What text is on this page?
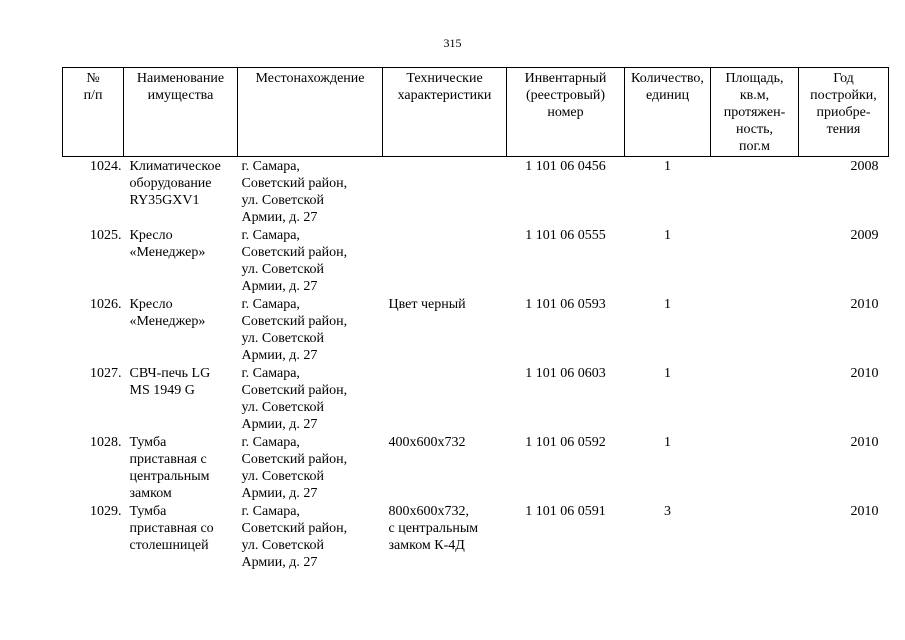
315
№
п/п	Наименование
имущества	Местонахождение	Технические
характеристики	Инвентарный
(реестровый)
номер	Количество,
единиц	Площадь,
кв.м,
протяжен-
ность,
пог.м	Год
постройки,
приобре-
тения
1024.	Климатическое
оборудование
RY35GXV1	г. Самара,
Советский район,
ул. Советской
Армии, д. 27		1 101 06 0456	1		2008
1025.	Кресло
«Менеджер»	г. Самара,
Советский район,
ул. Советской
Армии, д. 27		1 101 06 0555	1		2009
1026.	Кресло
«Менеджер»	г. Самара,
Советский район,
ул. Советской
Армии, д. 27	Цвет черный	1 101 06 0593	1		2010
1027.	СВЧ-печь LG
MS 1949 G	г. Самара,
Советский район,
ул. Советской
Армии, д. 27		1 101 06 0603	1		2010
1028.	Тумба
приставная с
центральным
замком	г. Самара,
Советский район,
ул. Советской
Армии, д. 27	400х600х732	1 101 06 0592	1		2010
1029.	Тумба
приставная со
столешницей	г. Самара,
Советский район,
ул. Советской
Армии, д. 27	800х600х732,
с центральным
замком К-4Д	1 101 06 0591	3		2010
